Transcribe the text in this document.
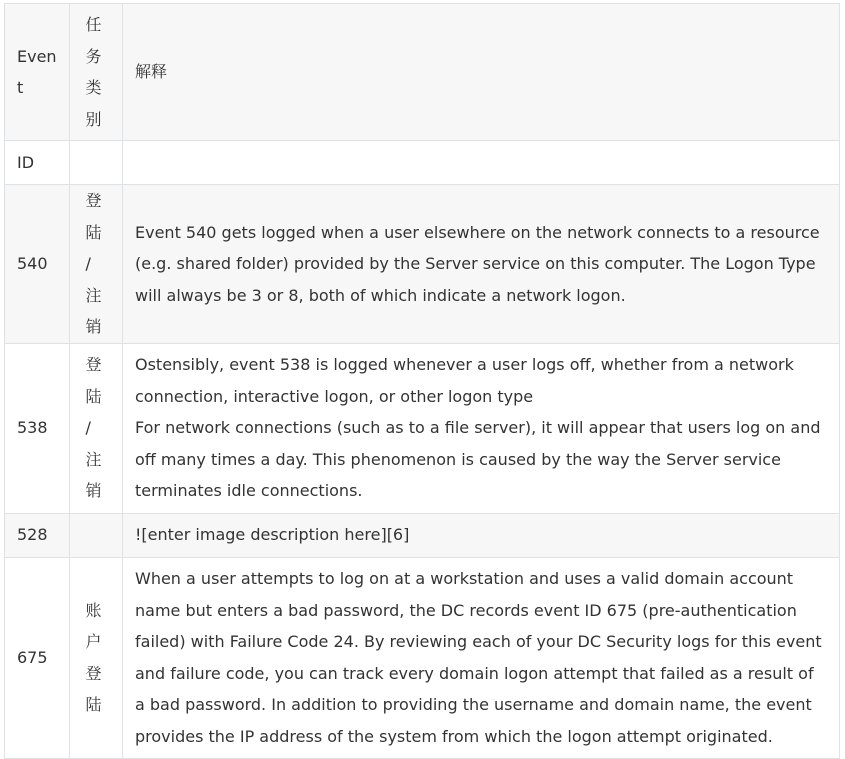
Event	任务类别	解释
ID	

540	登陆/注销	Event 540 gets logged when a user elsewhere on the network connects to a resource (e.g. shared folder) provided by the Server service on this computer. The Logon Type will always be 3 or 8, both of which indicate a network logon.

538	登陆/注销	Ostensibly, event 538 is logged whenever a user logs off, whether from a network connection, interactive logon, or other logon type
For network connections (such as to a file server), it will appear that users log on and off many times a day. This phenomenon is caused by the way the Server service terminates idle connections.

528		![enter image description here][6]

675	账户登陆	When a user attempts to log on at a workstation and uses a valid domain account name but enters a bad password, the DC records event ID 675 (pre-authentication failed) with Failure Code 24. By reviewing each of your DC Security logs for this event and failure code, you can track every domain logon attempt that failed as a result of a bad password. In addition to providing the username and domain name, the event provides the IP address of the system from which the logon attempt originated.
